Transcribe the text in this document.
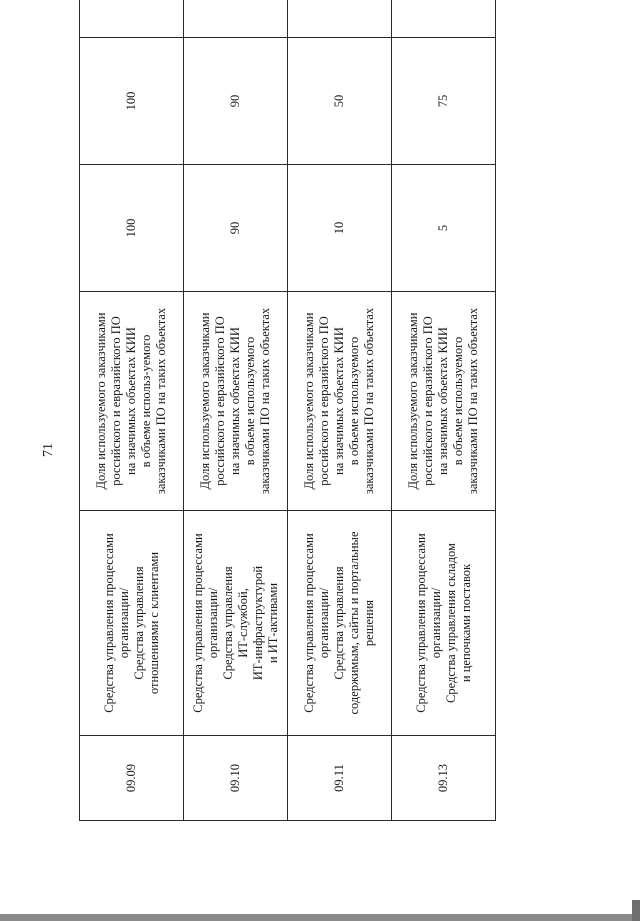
71
09.09	Средства управления процессами организации/
Средства управления
отношениями с клиентами	Доля используемого заказчиками российского и евразийского ПО
на значимых объектах КИИ
в объеме использ-уемого
заказчиками ПО на таких объектах	100	100	
09.10	Средства управления процессами организации/
Средства управления
ИТ-службой,
ИТ-инфраструктурой
и ИТ-активами	Доля используемого заказчиками российского и евразийского ПО
на значимых объектах КИИ
в объеме используемого
заказчиками ПО на таких объектах	90	90	
09.11	Средства управления процессами организации/
Средства управления
содержимым, сайты и портальные решения	Доля используемого заказчиками российского и евразийского ПО
на значимых объектах КИИ
в объеме используемого
заказчиками ПО на таких объектах	10	50	
09.13	Средства управления процессами организации/
Средства управления складом
и цепочками поставок	Доля используемого заказчиками российского и евразийского ПО
на значимых объектах КИИ
в объеме используемого
заказчиками ПО на таких объектах	5	75	
